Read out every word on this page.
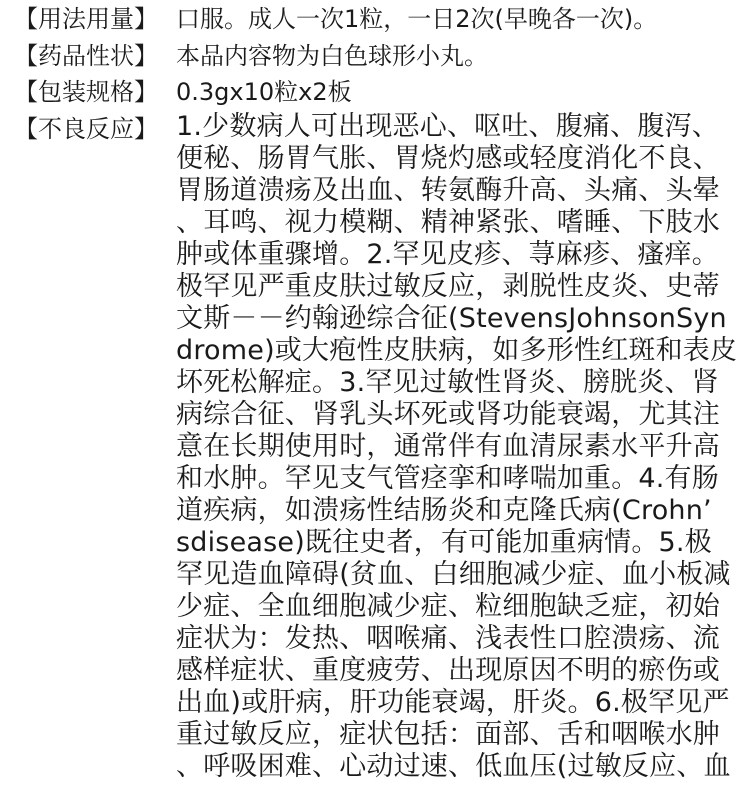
【用法用量】 口服。成人一次1粒，一日2次(早晚各一次)。
【药品性状】 本品内容物为白色球形小丸。
【包装规格】 0.3gx10粒x2板
【不良反应】 1.少数病人可出现恶心、呕吐、腹痛、腹泻、
便秘、肠胃气胀、胃烧灼感或轻度消化不良、
胃肠道溃疡及出血、转氨酶升高、头痛、头晕
、耳鸣、视力模糊、精神紧张、嗜睡、下肢水
肿或体重骤增。2.罕见皮疹、荨麻疹、瘙痒。
极罕见严重皮肤过敏反应，剥脱性皮炎、史蒂
文斯－－约翰逊综合征(StevensJohnsonSyn
drome)或大疱性皮肤病，如多形性红斑和表皮
坏死松解症。3.罕见过敏性肾炎、膀胱炎、肾
病综合征、肾乳头坏死或肾功能衰竭，尤其注
意在长期使用时，通常伴有血清尿素水平升高
和水肿。罕见支气管痉挛和哮喘加重。4.有肠
道疾病，如溃疡性结肠炎和克隆氏病(Crohn’
sdisease)既往史者，有可能加重病情。5.极
罕见造血障碍(贫血、白细胞减少症、血小板减
少症、全血细胞减少症、粒细胞缺乏症，初始
症状为：发热、咽喉痛、浅表性口腔溃疡、流
感样症状、重度疲劳、出现原因不明的瘀伤或
出血)或肝病，肝功能衰竭，肝炎。6.极罕见严
重过敏反应，症状包括：面部、舌和咽喉水肿
、呼吸困难、心动过速、低血压(过敏反应、血
